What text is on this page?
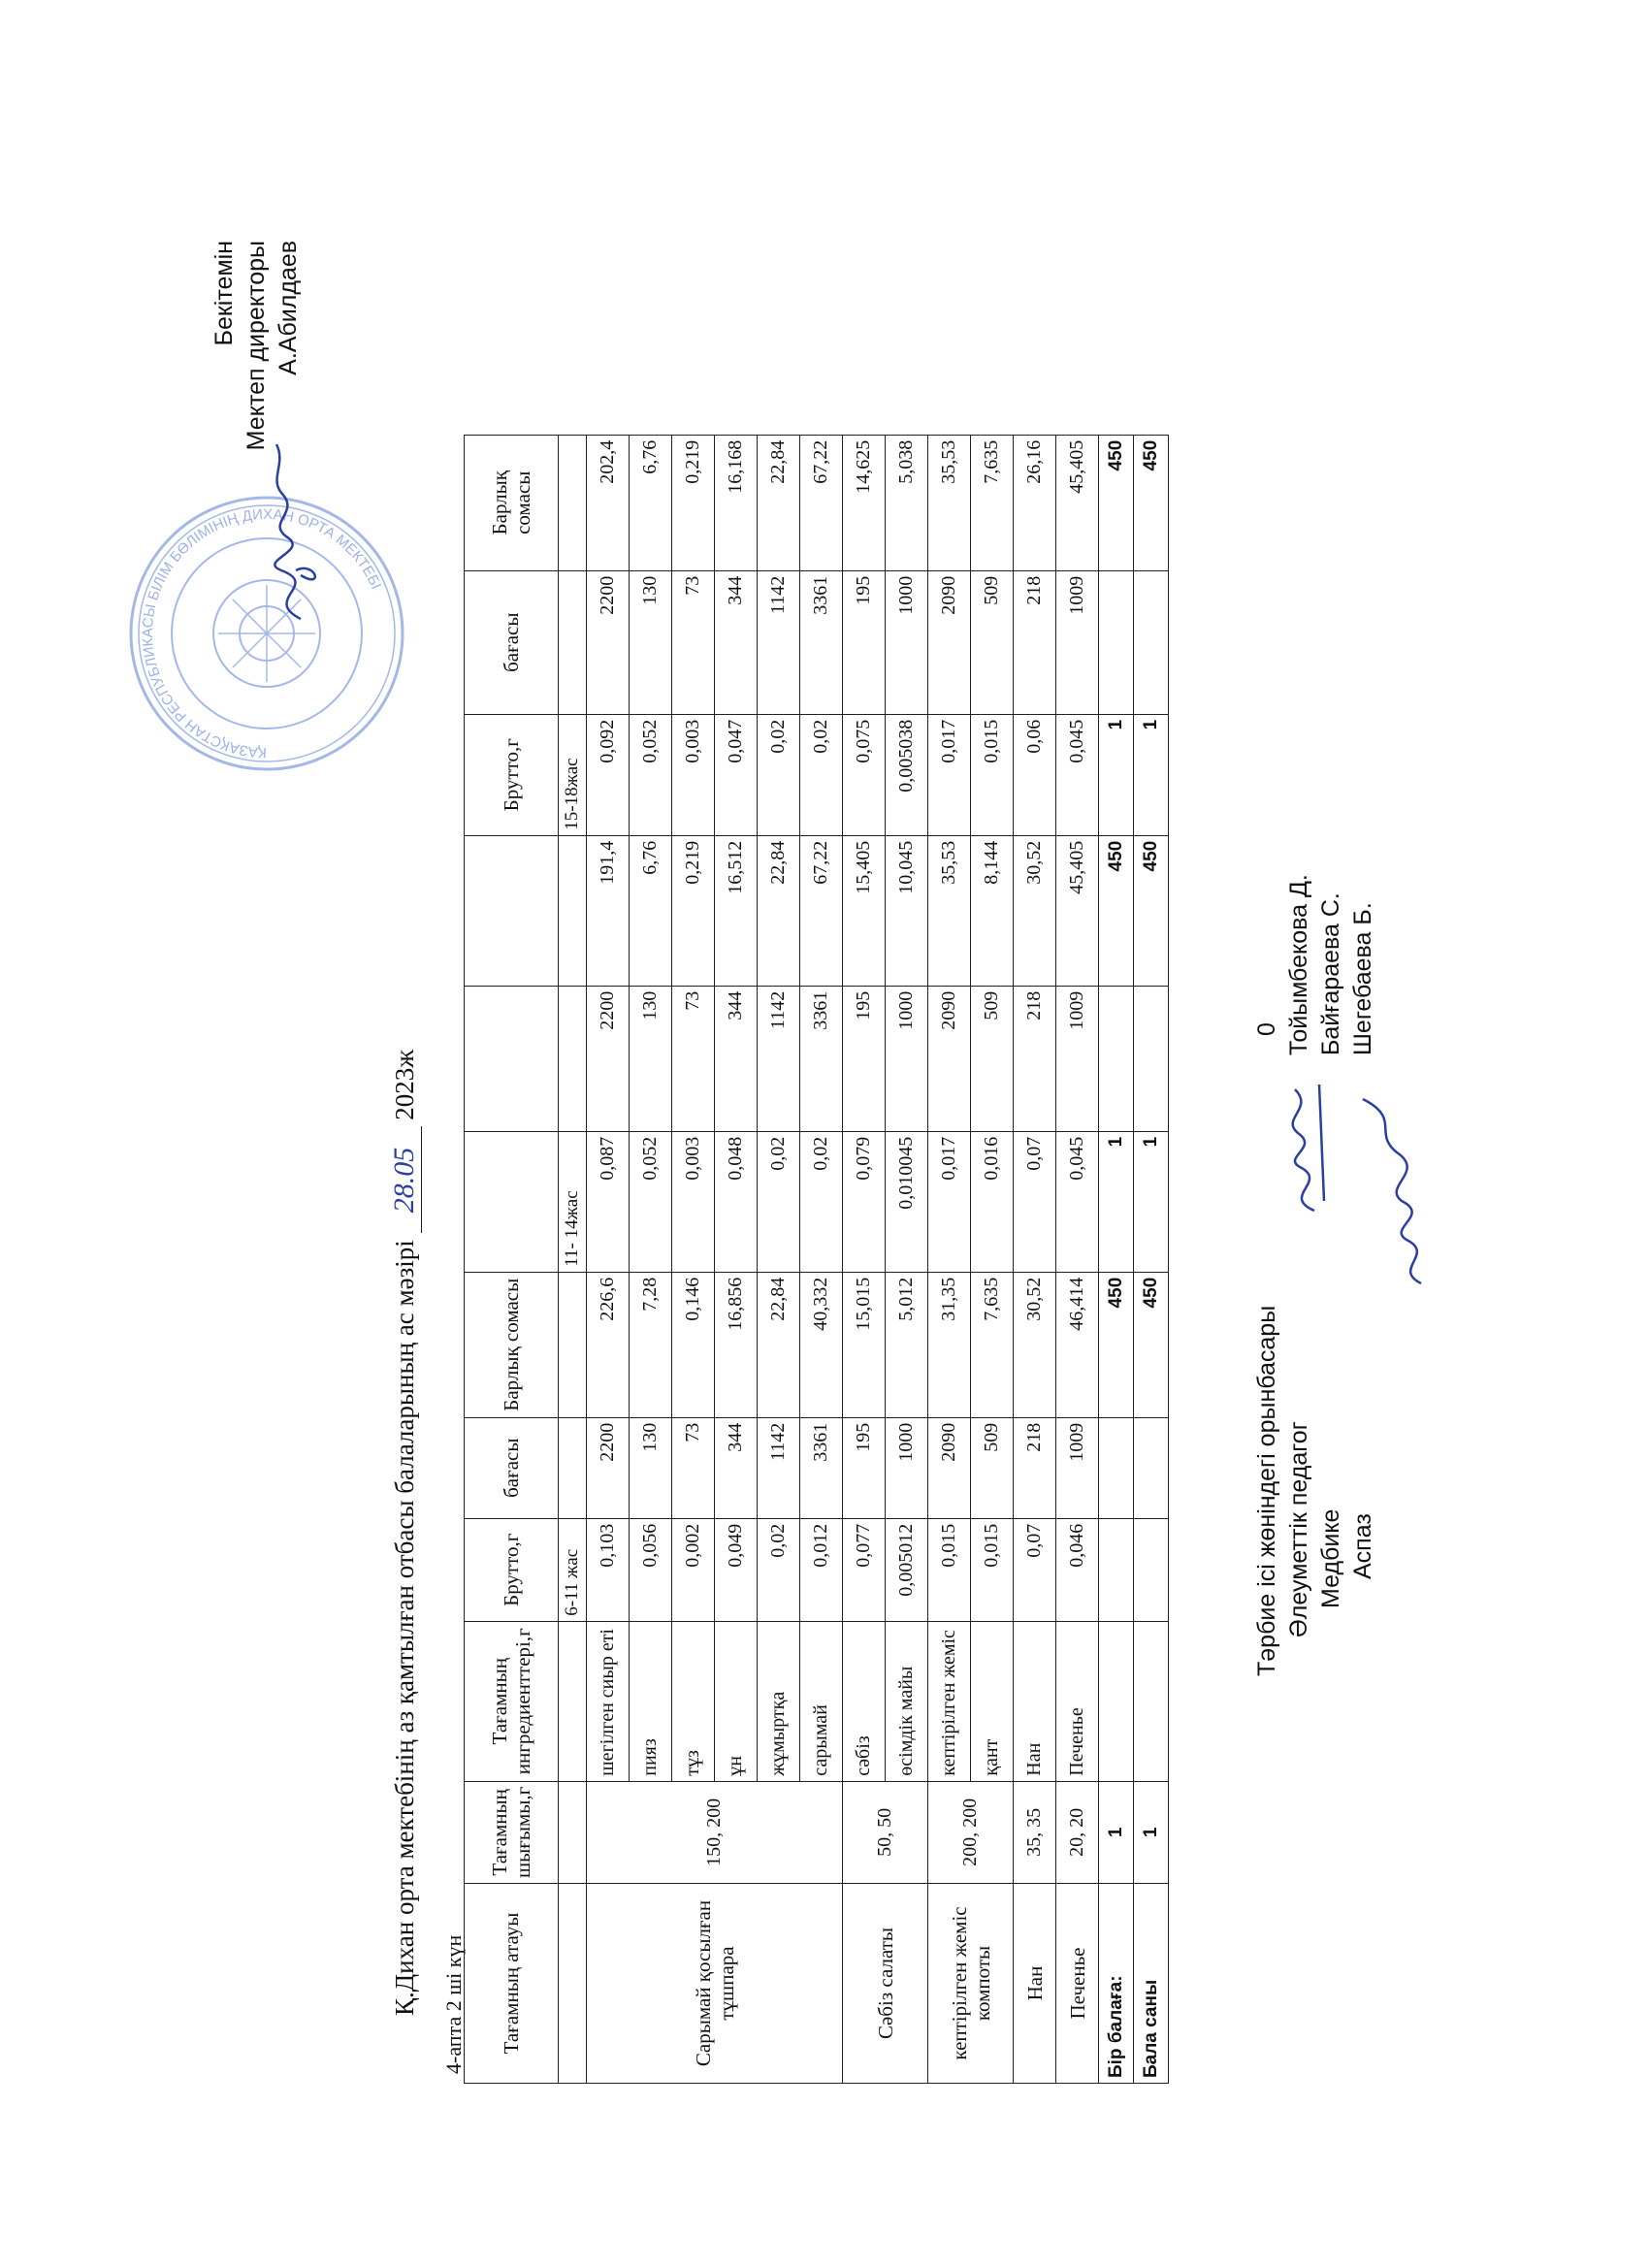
ҚАЗАҚСТАН РЕСПУБЛИКАСЫ БІЛІМ БӨЛІМІНІҢ ДИХАН ОРТА МЕКТЕБІ
Бекітемін Мектеп директоры А.Абилдаев
Қ.Дихан орта мектебінің аз қамтылған отбасы балаларының ас мәзірі 28.05 2023ж
4-апта 2 ші күн Тағамның атауы	Тағамның шығымы,г	Тағамның ингредиенттері,г	Брутто,г	бағасы	Барлық сомасы				Брутто,г	бағасы	Барлық сомасы
			6-11 жас			11- 14жас			15-18жас		
Сарымай қосылған тұшпара	150, 200	шегілген сиыр еті	0,103	2200	226,6	0,087	2200	191,4	0,092	2200	202,4
		пияз	0,056	130	7,28	0,052	130	6,76	0,052	130	6,76
		тұз	0,002	73	0,146	0,003	73	0,219	0,003	73	0,219
		ұн	0,049	344	16,856	0,048	344	16,512	0,047	344	16,168
		жұмыртқа	0,02	1142	22,84	0,02	1142	22,84	0,02	1142	22,84
		сарымай	0,012	3361	40,332	0,02	3361	67,22	0,02	3361	67,22
Сәбіз салаты	50, 50	сәбіз	0,077	195	15,015	0,079	195	15,405	0,075	195	14,625
		өсімдік майы	0,005012	1000	5,012	0,010045	1000	10,045	0,005038	1000	5,038
кептірілген жеміс компоты	200, 200	кептірілген жеміс	0,015	2090	31,35	0,017	2090	35,53	0,017	2090	35,53
		қант	0,015	509	7,635	0,016	509	8,144	0,015	509	7,635
Нан	35, 35	Нан	0,07	218	30,52	0,07	218	30,52	0,06	218	26,16
Печенье	20, 20	Печенье	0,046	1009	46,414	0,045	1009	45,405	0,045	1009	45,405
Бір балаға:	1				450	1		450	1		450
Бала саны	1				450	1		450	1		450
Тәрбие ісі жөніндегі орынбасары Әлеуметтік педагог Медбике Аспаз
0 Тойымбекова Д. Байғараева С. Шегебаева Б.
